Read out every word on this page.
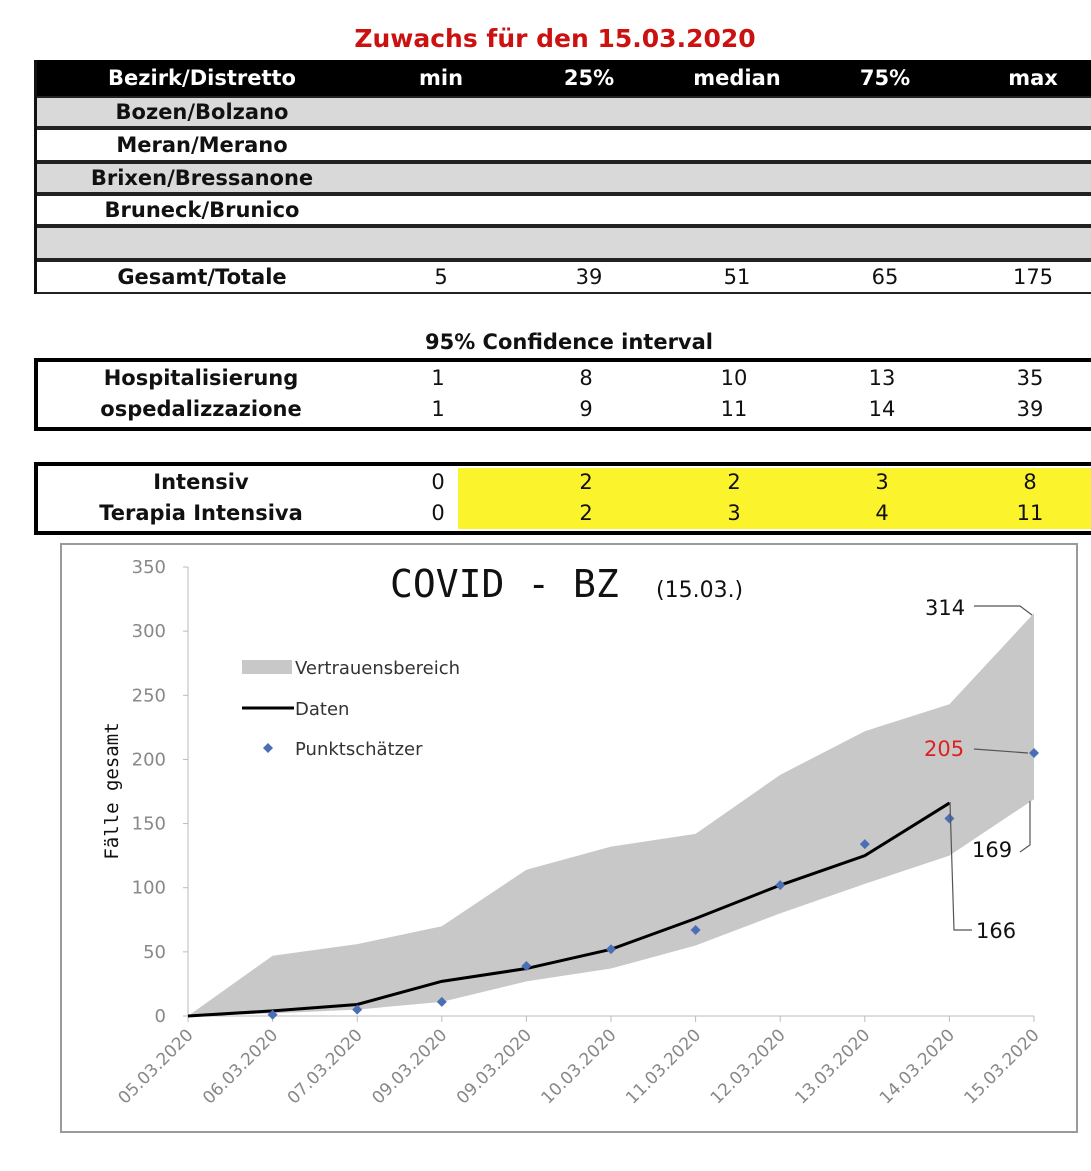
Zuwachs für den 15.03.2020
Bezirk/Distretto	min	25%	median	75%	max
Bozen/Bolzano
Meran/Merano
Brixen/Bressanone
Bruneck/Brunico
Gesamt/Totale	5	39	51	65	175
95% Confidence interval
Hospitalisierung	1	8	10	13	35
ospedalizzazione	1	9	11	14	39
Intensiv	0	2	2	3	8
Terapia Intensiva	0	2	3	4	11
0
50
100
150
200
250
300
350
05.03.2020 06.03.2020 07.03.2020 09.03.2020 09.03.2020 10.03.2020 11.03.2020 12.03.2020 13.03.2020 14.03.2020 15.03.2020
COVID - BZ (15.03.)
Fälle gesamt
Vertrauensbereich
Daten
Punktschätzer
314
205
169
166
